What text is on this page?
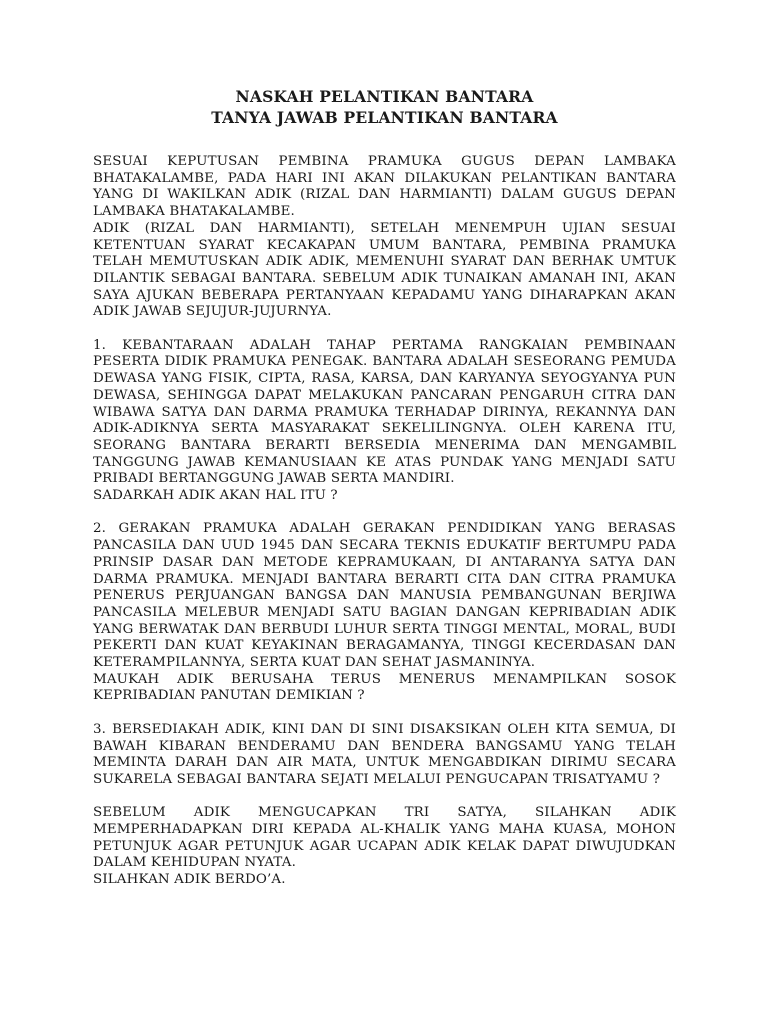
NASKAH PELANTIKAN BANTARA
TANYA JAWAB PELANTIKAN BANTARA

SESUAI KEPUTUSAN PEMBINA PRAMUKA GUGUS DEPAN LAMBAKA BHATAKALAMBE, PADA HARI INI AKAN DILAKUKAN PELANTIKAN BANTARA YANG DI WAKILKAN ADIK (RIZAL DAN HARMIANTI) DALAM GUGUS DEPAN LAMBAKA BHATAKALAMBE.

ADIK (RIZAL DAN HARMIANTI), SETELAH MENEMPUH UJIAN SESUAI KETENTUAN SYARAT KECAKAPAN UMUM BANTARA, PEMBINA PRAMUKA TELAH MEMUTUSKAN ADIK ADIK, MEMENUHI SYARAT DAN BERHAK UMTUK DILANTIK SEBAGAI BANTARA. SEBELUM ADIK TUNAIKAN AMANAH INI, AKAN SAYA AJUKAN BEBERAPA PERTANYAAN KEPADAMU YANG DIHARAPKAN AKAN ADIK JAWAB SEJUJUR-JUJURNYA.

1. KEBANTARAAN ADALAH TAHAP PERTAMA RANGKAIAN PEMBINAAN PESERTA DIDIK PRAMUKA PENEGAK. BANTARA ADALAH SESEORANG PEMUDA DEWASA YANG FISIK, CIPTA, RASA, KARSA, DAN KARYANYA SEYOGYANYA PUN DEWASA, SEHINGGA DAPAT MELAKUKAN PANCARAN PENGARUH CITRA DAN WIBAWA SATYA DAN DARMA PRAMUKA TERHADAP DIRINYA, REKANNYA DAN ADIK-ADIKNYA SERTA MASYARAKAT SEKELILINGNYA. OLEH KARENA ITU, SEORANG BANTARA BERARTI BERSEDIA MENERIMA DAN MENGAMBIL TANGGUNG JAWAB KEMANUSIAAN KE ATAS PUNDAK YANG MENJADI SATU PRIBADI BERTANGGUNG JAWAB SERTA MANDIRI.

SADARKAH ADIK AKAN HAL ITU ?

2. GERAKAN PRAMUKA ADALAH GERAKAN PENDIDIKAN YANG BERASAS PANCASILA DAN UUD 1945 DAN SECARA TEKNIS EDUKATIF BERTUMPU PADA PRINSIP DASAR DAN METODE KEPRAMUKAAN, DI ANTARANYA SATYA DAN DARMA PRAMUKA. MENJADI BANTARA BERARTI CITA DAN CITRA PRAMUKA PENERUS PERJUANGAN BANGSA DAN MANUSIA PEMBANGUNAN BERJIWA PANCASILA MELEBUR MENJADI SATU BAGIAN DANGAN KEPRIBADIAN ADIK YANG BERWATAK DAN BERBUDI LUHUR SERTA TINGGI MENTAL, MORAL, BUDI PEKERTI DAN KUAT KEYAKINAN BERAGAMANYA, TINGGI KECERDASAN DAN KETERAMPILANNYA, SERTA KUAT DAN SEHAT JASMANINYA.

MAUKAH ADIK BERUSAHA TERUS MENERUS MENAMPILKAN SOSOK KEPRIBADIAN PANUTAN DEMIKIAN ?

3. BERSEDIAKAH ADIK, KINI DAN DI SINI DISAKSIKAN OLEH KITA SEMUA, DI BAWAH KIBARAN BENDERAMU DAN BENDERA BANGSAMU YANG TELAH MEMINTA DARAH DAN AIR MATA, UNTUK MENGABDIKAN DIRIMU SECARA SUKARELA SEBAGAI BANTARA SEJATI MELALUI PENGUCAPAN TRISATYAMU ?

SEBELUM ADIK MENGUCAPKAN TRI SATYA, SILAHKAN ADIK MEMPERHADAPKAN DIRI KEPADA AL-KHALIK YANG MAHA KUASA, MOHON PETUNJUK AGAR PETUNJUK AGAR UCAPAN ADIK KELAK DAPAT DIWUJUDKAN DALAM KEHIDUPAN NYATA.

SILAHKAN ADIK BERDO’A.
